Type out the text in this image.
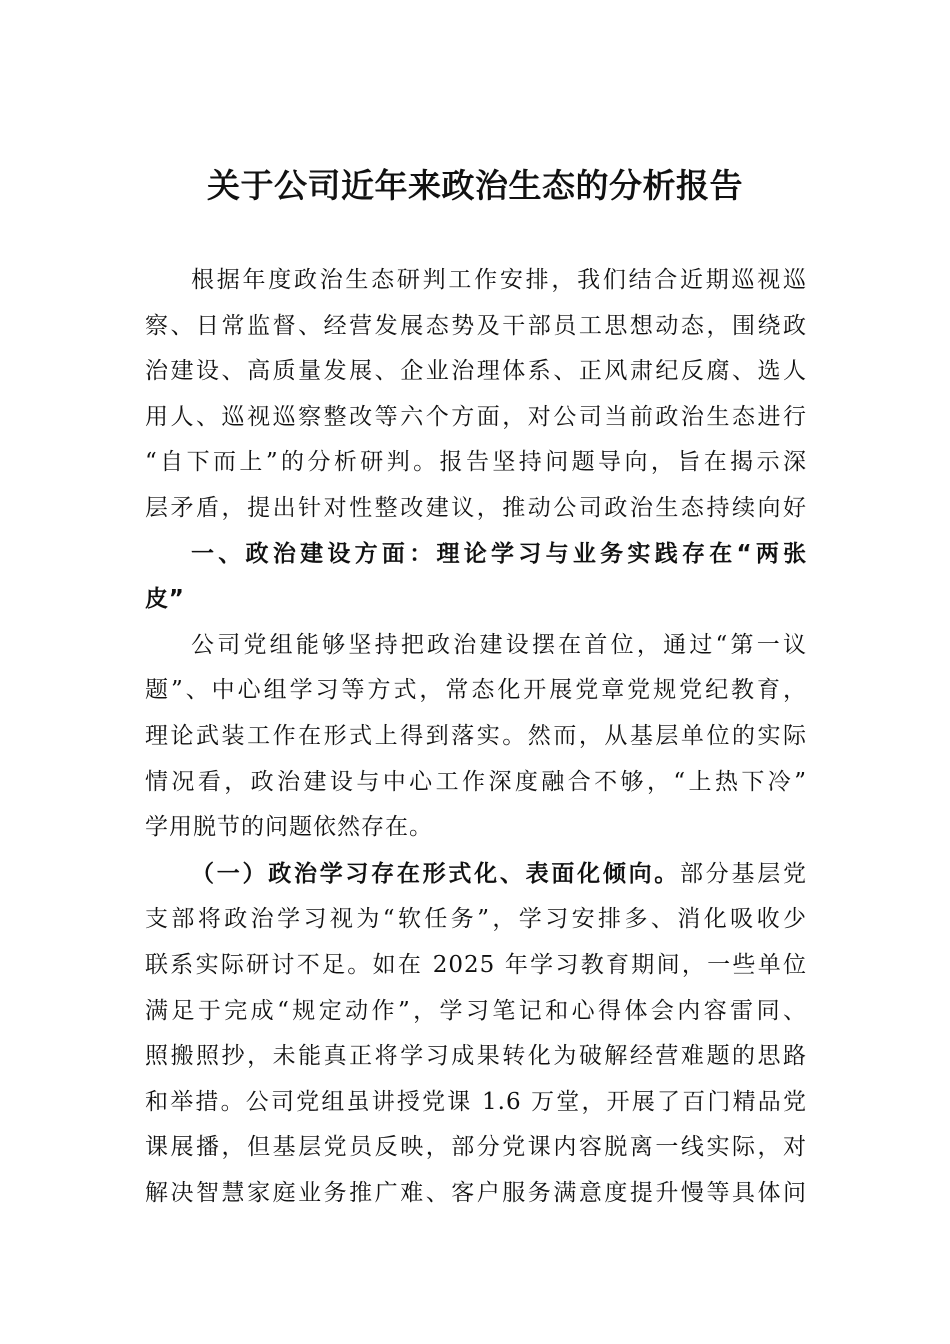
关于公司近年来政治生态的分析报告
根据年度政治生态研判工作安排，我们结合近期巡视巡
察、日常监督、经营发展态势及干部员工思想动态，围绕政
治建设、高质量发展、企业治理体系、正风肃纪反腐、选人
用人、巡视巡察整改等六个方面，对公司当前政治生态进行
“自下而上”的分析研判。报告坚持问题导向，旨在揭示深
层矛盾，提出针对性整改建议，推动公司政治生态持续向好
一、政治建设方面：理论学习与业务实践存在“两张
皮”
公司党组能够坚持把政治建设摆在首位，通过“第一议
题”、中心组学习等方式，常态化开展党章党规党纪教育，
理论武装工作在形式上得到落实。然而，从基层单位的实际
情况看，政治建设与中心工作深度融合不够，“上热下冷”
学用脱节的问题依然存在。
（一）政治学习存在形式化、表面化倾向。部分基层党
支部将政治学习视为“软任务”，学习安排多、消化吸收少
联系实际研讨不足。如在 2025 年学习教育期间，一些单位
满足于完成“规定动作”，学习笔记和心得体会内容雷同、
照搬照抄，未能真正将学习成果转化为破解经营难题的思路
和举措。公司党组虽讲授党课 1.6 万堂，开展了百门精品党
课展播，但基层党员反映，部分党课内容脱离一线实际，对
解决智慧家庭业务推广难、客户服务满意度提升慢等具体问
